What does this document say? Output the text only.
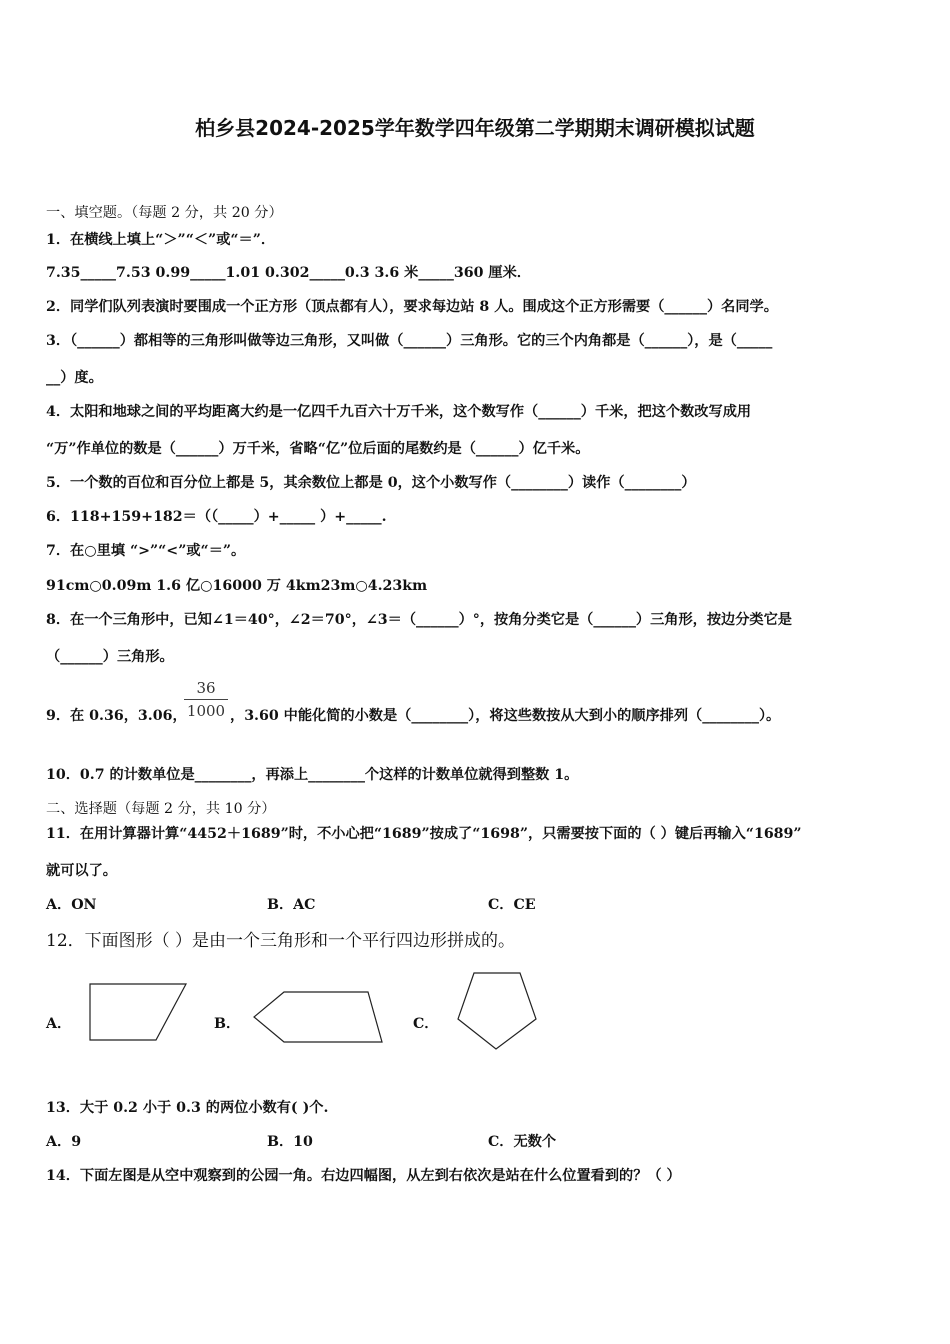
柏乡县2024-2025学年数学四年级第二学期期末调研模拟试题
一、填空题。（每题 2 分，共 20 分）
1．在横线上填上“＞”“＜”或“＝”．
7.35_____7.53 0.99_____1.01 0.302_____0.3 3.6 米_____360 厘米．
2．同学们队列表演时要围成一个正方形（顶点都有人），要求每边站 8 人。围成这个正方形需要（______）名同学。
3．（______）都相等的三角形叫做等边三角形，又叫做（______）三角形。它的三个内角都是（______），是（_____
__）度。
4．太阳和地球之间的平均距离大约是一亿四千九百六十万千米，这个数写作（______）千米，把这个数改写成用
“万”作单位的数是（______）万千米，省略“亿”位后面的尾数约是（______）亿千米。
5．一个数的百位和百分位上都是 5，其余数位上都是 0，这个小数写作（________）读作（________）
6．118+159+182＝（（_____）+_____ ）+_____.
7．在○里填 “>”“<”或“＝”。
91cm○0.09m 1.6 亿○16000 万 4km23m○4.23km
8．在一个三角形中，已知∠1＝40°，∠2＝70°，∠3＝（______）°，按角分类它是（______）三角形，按边分类它是
（______）三角形。
9．在 0.36，3.06，
36
1000 ，3.60 中能化简的小数是（________），将这些数按从大到小的顺序排列（________）。
10．0.7 的计数单位是________，再添上________个这样的计数单位就得到整数 1。
二、选择题（每题 2 分，共 10 分）
11．在用计算器计算“4452＋1689”时，不小心把“1689”按成了“1698”，只需要按下面的（ ）键后再输入“1689”
就可以了。
A．ON	B．AC	C．CE
12．下面图形（ ）是由一个三角形和一个平行四边形拼成的。
A．	B．	C．
13．大于 0.2 小于 0.3 的两位小数有( )个.
A．9	B．10	C．无数个
14．下面左图是从空中观察到的公园一角。右边四幅图，从左到右依次是站在什么位置看到的？（ ）
